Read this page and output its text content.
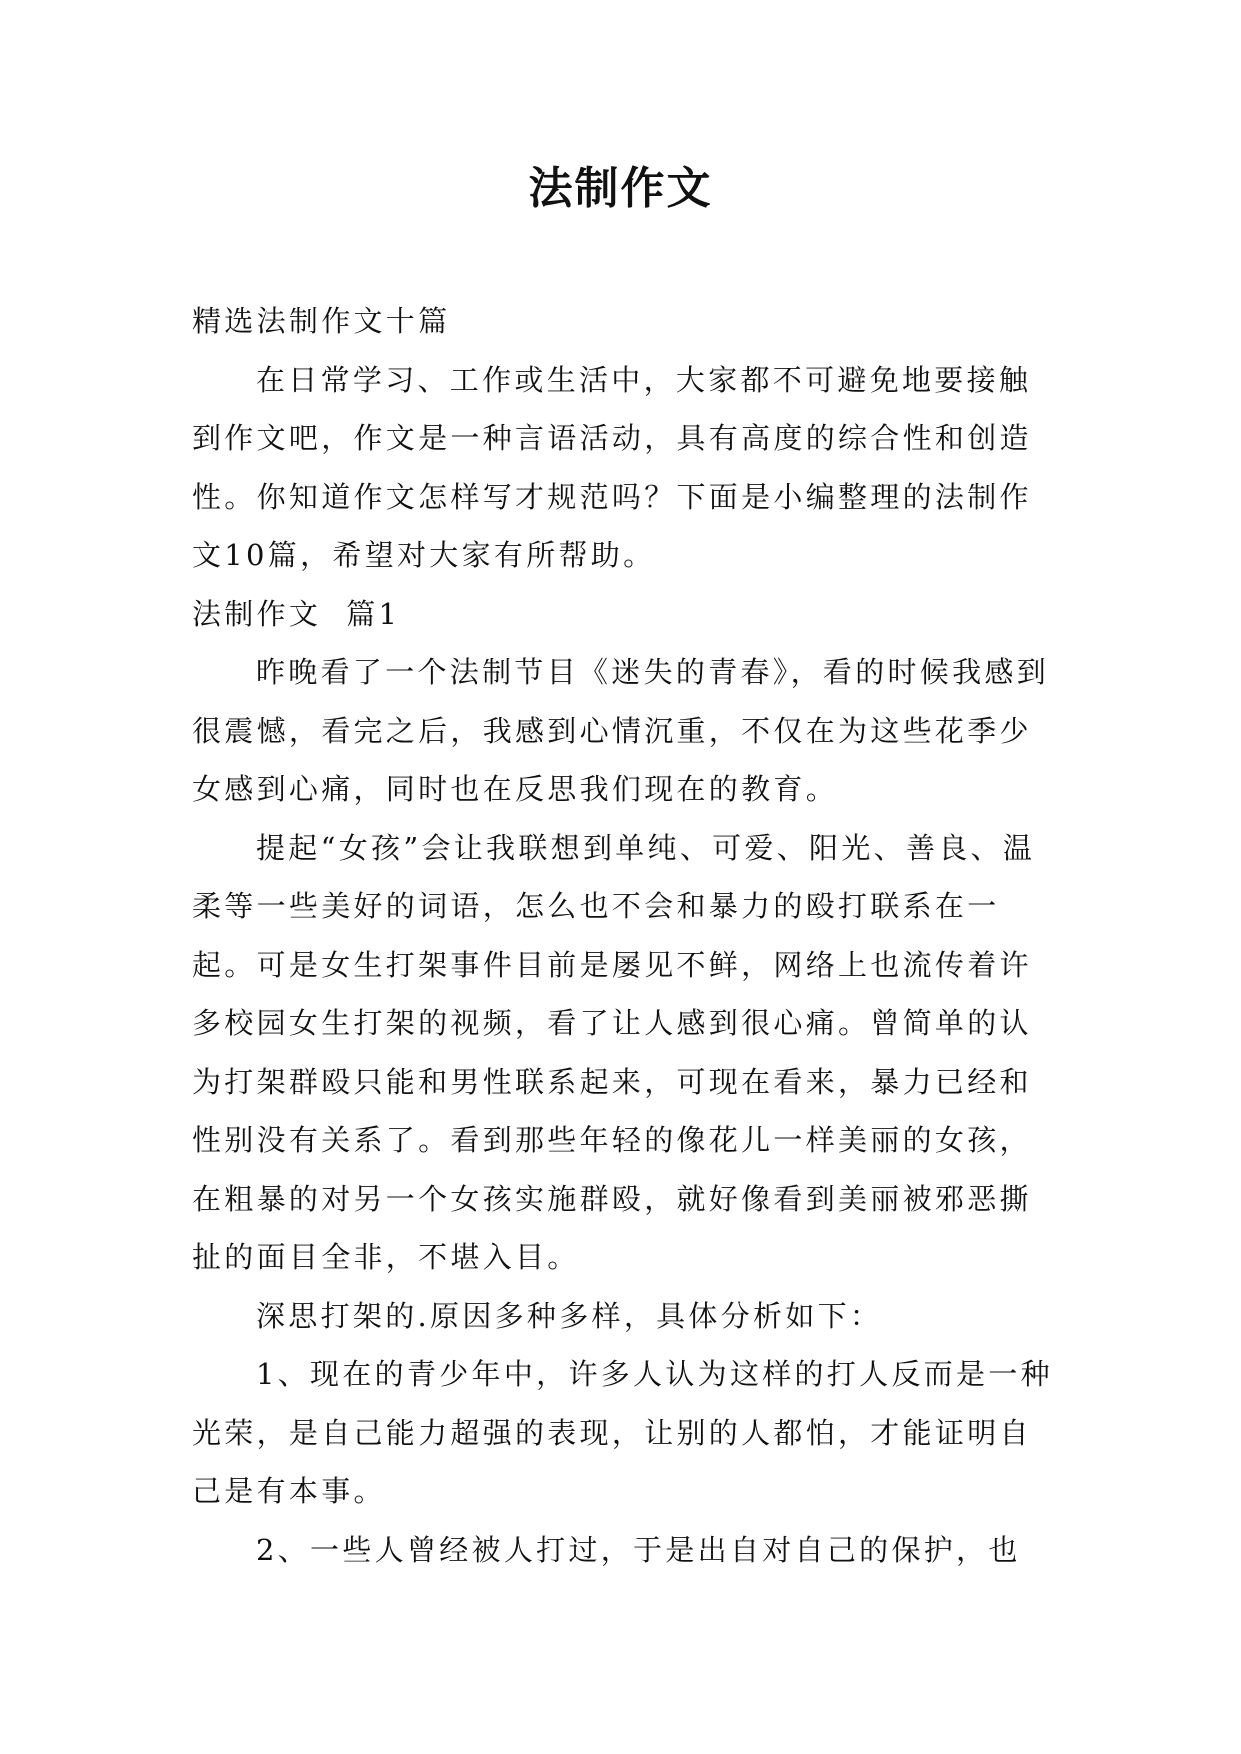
法制作文

精选法制作文十篇

在日常学习、工作或生活中，大家都不可避免地要接触到作文吧，作文是一种言语活动，具有高度的综合性和创造性。你知道作文怎样写才规范吗？下面是小编整理的法制作文10篇，希望对大家有所帮助。

法制作文  篇1

昨晚看了一个法制节目《迷失的青春》，看的时候我感到很震憾，看完之后，我感到心情沉重，不仅在为这些花季少女感到心痛，同时也在反思我们现在的教育。

提起“女孩”会让我联想到单纯、可爱、阳光、善良、温柔等一些美好的词语，怎么也不会和暴力的殴打联系在一起。可是女生打架事件目前是屡见不鲜，网络上也流传着许多校园女生打架的视频，看了让人感到很心痛。曾简单的认为打架群殴只能和男性联系起来，可现在看来，暴力已经和性别没有关系了。看到那些年轻的像花儿一样美丽的女孩，在粗暴的对另一个女孩实施群殴，就好像看到美丽被邪恶撕扯的面目全非，不堪入目。

深思打架的.原因多种多样，具体分析如下：

1、现在的青少年中，许多人认为这样的打人反而是一种光荣，是自己能力超强的表现，让别的人都怕，才能证明自己是有本事。

2、一些人曾经被人打过，于是出自对自己的保护，也
